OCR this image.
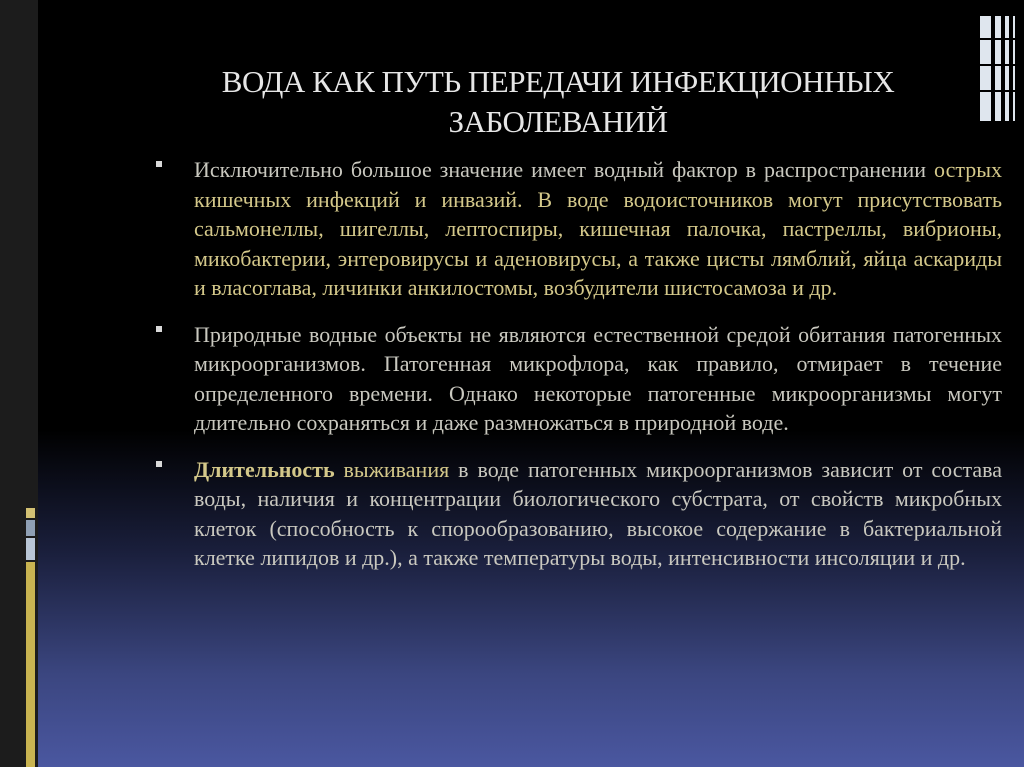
ВОДА КАК ПУТЬ ПЕРЕДАЧИ ИНФЕКЦИОННЫХ
ЗАБОЛЕВАНИЙ
Исключительно большое значение имеет водный фактор в распространении острых кишечных инфекций и инвазий. В воде водоисточников могут присутствовать сальмонеллы, шигеллы, лептоспиры, кишечная палочка, пастреллы, вибрионы, микобактерии, энтеровирусы и аденовирусы, а также цисты лямблий, яйца аскариды и власоглава, личинки анкилостомы, возбудители шистосамоза и др.
Природные водные объекты не являются естественной средой обитания патогенных микроорганизмов. Патогенная микрофлора, как правило, отмирает в течение определенного времени. Однако некоторые патогенные микроорганизмы могут длительно сохраняться и даже размножаться в природной воде.
Длительность выживания в воде патогенных микроорганизмов зависит от состава воды, наличия и концентрации биологического субстрата, от свойств микробных клеток (способность к спорообразованию, высокое содержание в бактериальной клетке липидов и др.), а также температуры воды, интенсивности инсоляции и др.
